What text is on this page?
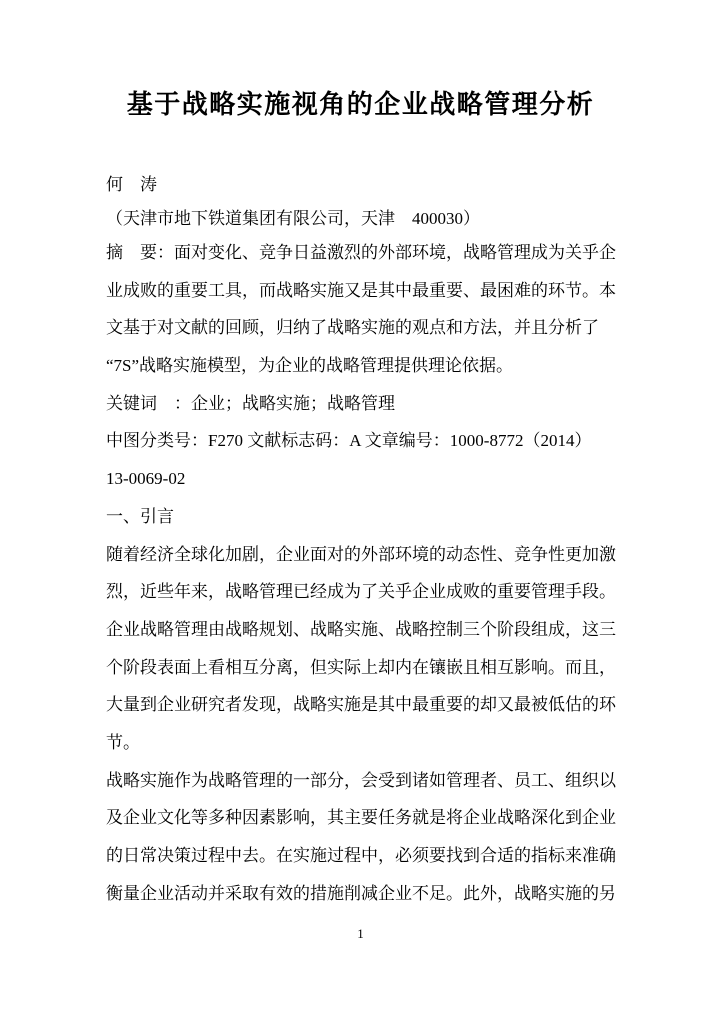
基于战略实施视角的企业战略管理分析
何　涛
（天津市地下铁道集团有限公司，天津　400030）
摘　要：面对变化、竞争日益激烈的外部环境，战略管理成为关乎企
业成败的重要工具，而战略实施又是其中最重要、最困难的环节。本
文基于对文献的回顾，归纳了战略实施的观点和方法，并且分析了
“7S”战略实施模型，为企业的战略管理提供理论依据。
关键词　：企业；战略实施；战略管理
中图分类号：F270 文献标志码：A 文章编号：1000-8772（2014）
13-0069-02
一、引言
随着经济全球化加剧，企业面对的外部环境的动态性、竞争性更加激
烈，近些年来，战略管理已经成为了关乎企业成败的重要管理手段。
企业战略管理由战略规划、战略实施、战略控制三个阶段组成，这三
个阶段表面上看相互分离，但实际上却内在镶嵌且相互影响。而且，
大量到企业研究者发现，战略实施是其中最重要的却又最被低估的环
节。
战略实施作为战略管理的一部分，会受到诸如管理者、员工、组织以
及企业文化等多种因素影响，其主要任务就是将企业战略深化到企业
的日常决策过程中去。在实施过程中，必须要找到合适的指标来准确
衡量企业活动并采取有效的措施削减企业不足。此外，战略实施的另
1
